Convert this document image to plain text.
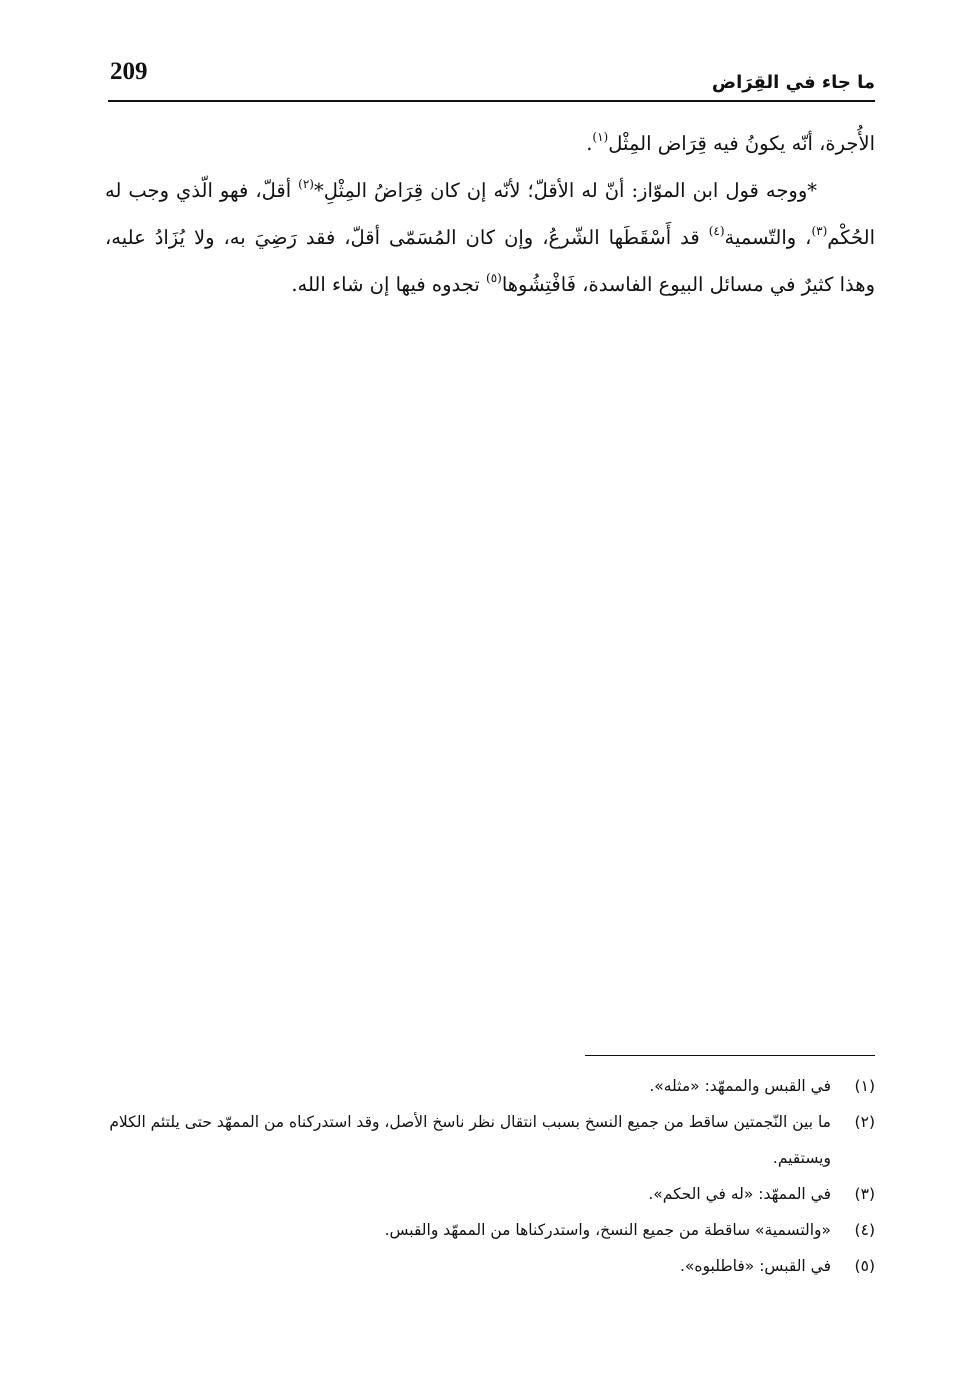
209	ما جاء في القِرَاض

الأُجرة، أنّه يكونُ فيه قِرَاض المِثْل$^{(١)}$.

*ووجه قول ابن الموّاز: أنّ له الأقلّ؛ لأنّه إن كان قِرَاضُ المِثْلِ*$^{(٢)}$ أقلّ، فهو الّذي وجب له الحُكْم$^{(٣)}$، والتّسمية$^{(٤)}$ قد أَسْقَطَها الشّرعُ، وإن كان المُسَمّى أقلّ، فقد رَضِيَ به، ولا يُزَادُ عليه، وهذا كثيرٌ في مسائل البيوع الفاسدة، فَافْتِشُوها$^{(٥)}$ تجدوه فيها إن شاء الله.

(١)
في القبس والممهّد: «مثله».
(٢)
ما بين النّجمتين ساقط من جميع النسخ بسبب انتقال نظر ناسخ الأصل، وقد استدركناه من الممهّد حتى يلتئم الكلام ويستقيم.
(٣)
في الممهّد: «له في الحكم».
(٤)
«والتسمية» ساقطة من جميع النسخ، واستدركناها من الممهّد والقبس.
(٥)
في القبس: «فاطلبوه».
